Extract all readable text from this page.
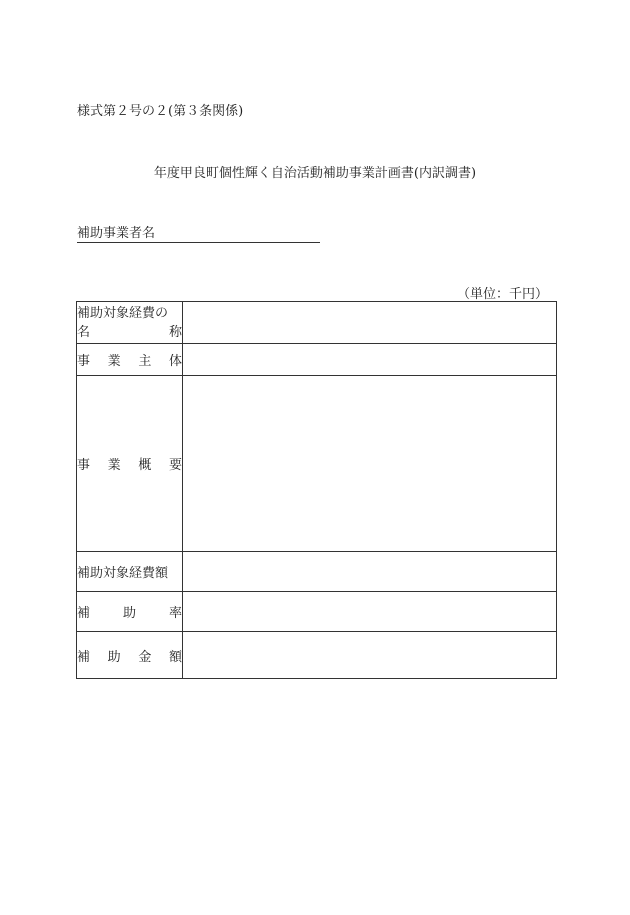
様式第２号の２(第３条関係)
年度甲良町個性輝く自治活動補助事業計画書(内訳調書)
補助事業者名
（単位：千円）
補助対象経費の
名 称	

事 業 主 体	

事 業 概 要	

補助対象経費額	

補 助 率	

補 助 金 額	
